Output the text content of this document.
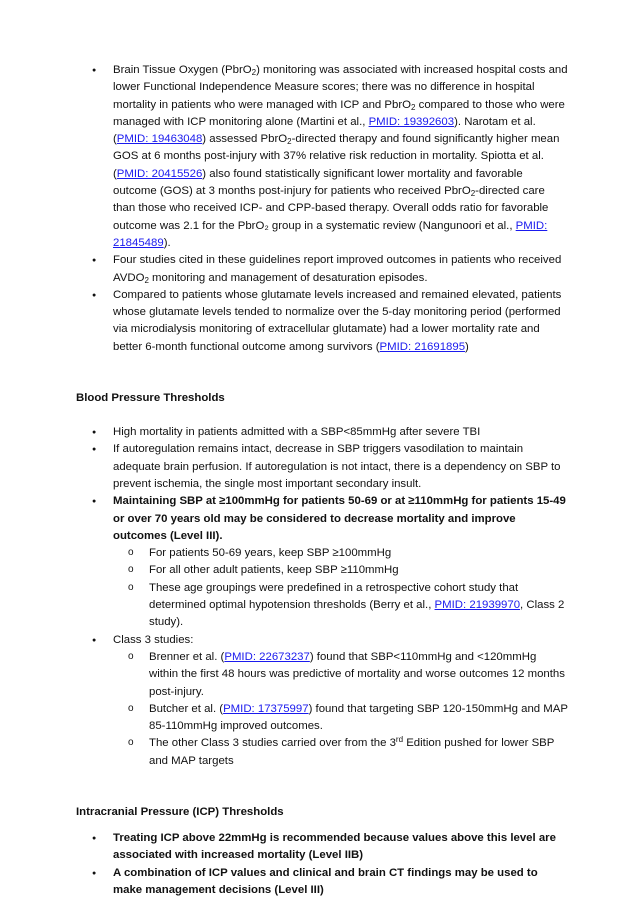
● Brain Tissue Oxygen (PbrO$_2$) monitoring was associated with increased hospital costs and lower Functional Independence Measure scores; there was no difference in hospital mortality in patients who were managed with ICP and PbrO$_2$ compared to those who were managed with ICP monitoring alone (Martini et al., PMID: 19392603). Narotam et al. (PMID: 19463048) assessed PbrO$_2$-directed therapy and found significantly higher mean GOS at 6 months post-injury with 37% relative risk reduction in mortality. Spiotta et al. (PMID: 20415526) also found statistically significant lower mortality and favorable outcome (GOS) at 3 months post-injury for patients who received PbrO$_2$-directed care than those who received ICP- and CPP-based therapy. Overall odds ratio for favorable outcome was 2.1 for the PbrO₂ group in a systematic review (Nangunoori et al., PMID: 21845489).
● Four studies cited in these guidelines report improved outcomes in patients who received $AVDO_2$ monitoring and management of desaturation episodes.
● Compared to patients whose glutamate levels increased and remained elevated, patients whose glutamate levels tended to normalize over the 5-day monitoring period (performed via microdialysis monitoring of extracellular glutamate) had a lower mortality rate and better 6-month functional outcome among survivors (PMID: 21691895)
Blood Pressure Thresholds
● High mortality in patients admitted with a SBP<85mmHg after severe TBI
● If autoregulation remains intact, decrease in SBP triggers vasodilation to maintain adequate brain perfusion. If autoregulation is not intact, there is a dependency on SBP to prevent ischemia, the single most important secondary insult.
● Maintaining SBP at ≥100mmHg for patients 50-69 or at ≥110mmHg for patients 15-49 or over 70 years old may be considered to decrease mortality and improve outcomes (Level III).
o For patients 50-69 years, keep SBP ≥100mmHg
o For all other adult patients, keep SBP ≥110mmHg
o These age groupings were predefined in a retrospective cohort study that determined optimal hypotension thresholds (Berry et al., PMID: 21939970, Class 2 study).
● Class 3 studies:
o Brenner et al. (PMID: 22673237) found that SBP<110mmHg and <120mmHg within the first 48 hours was predictive of mortality and worse outcomes 12 months post-injury.
o Butcher et al. (PMID: 17375997) found that targeting SBP 120-150mmHg and MAP 85-110mmHg improved outcomes.
o The other Class 3 studies carried over from the 3rd Edition pushed for lower SBP and MAP targets
Intracranial Pressure (ICP) Thresholds
● Treating ICP above 22mmHg is recommended because values above this level are associated with increased mortality (Level IIB)
● A combination of ICP values and clinical and brain CT findings may be used to make management decisions (Level III)
